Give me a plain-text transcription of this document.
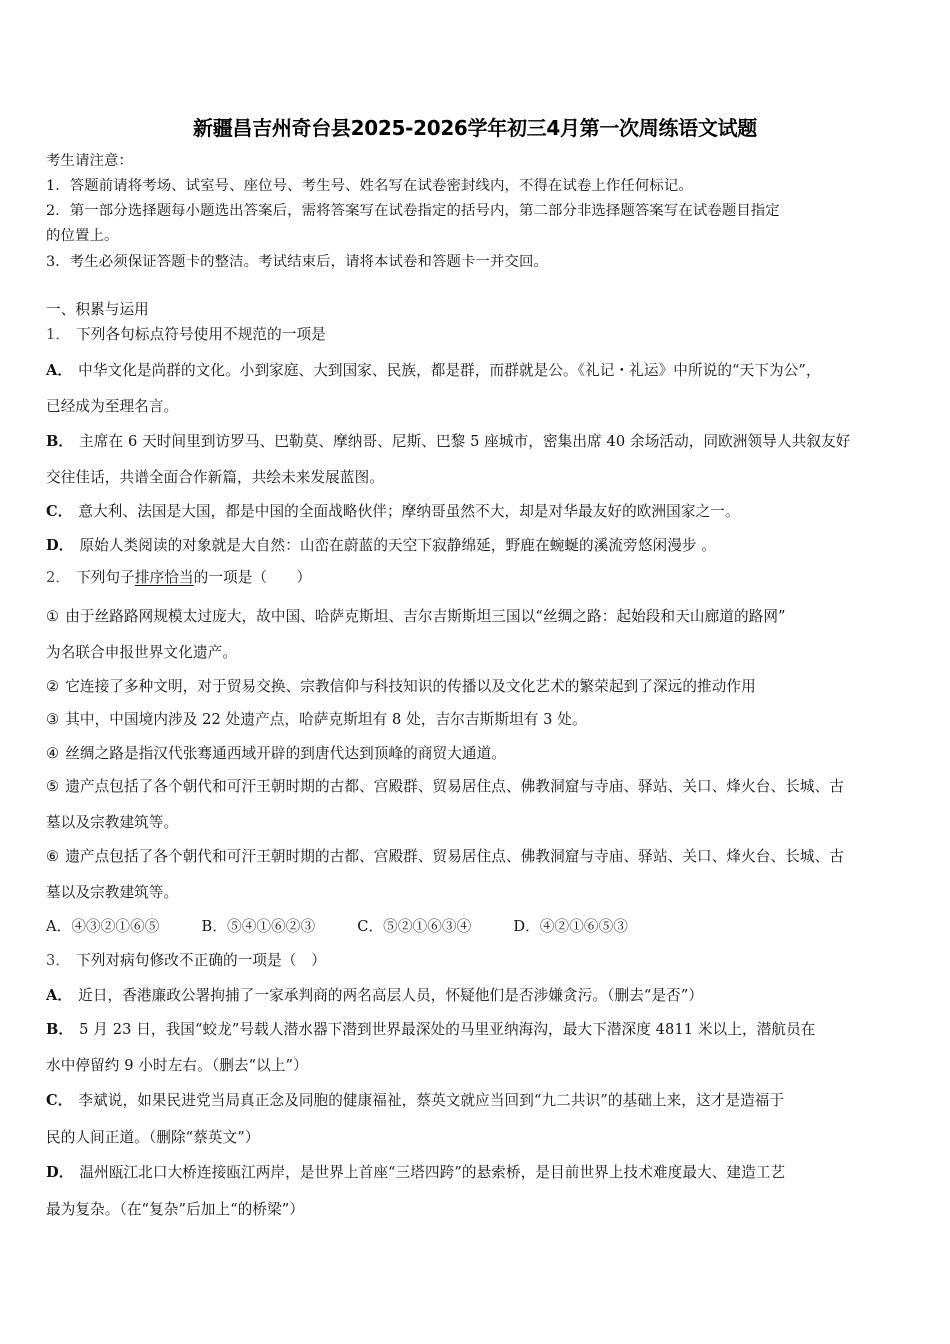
新疆昌吉州奇台县2025-2026学年初三4月第一次周练语文试题
考生请注意：
1．答题前请将考场、试室号、座位号、考生号、姓名写在试卷密封线内，不得在试卷上作任何标记。
2．第一部分选择题每小题选出答案后，需将答案写在试卷指定的括号内，第二部分非选择题答案写在试卷题目指定
的位置上。
3．考生必须保证答题卡的整洁。考试结束后，请将本试卷和答题卡一并交回。
一、积累与运用
1． 下列各句标点符号使用不规范的一项是
A． 中华文化是尚群的文化。小到家庭、大到国家、民族，都是群，而群就是公。《礼记・礼运》中所说的“天下为公”，
已经成为至理名言。
B． 主席在 6 天时间里到访罗马、巴勒莫、摩纳哥、尼斯、巴黎 5 座城市，密集出席 40 余场活动，同欧洲领导人共叙友好
交往佳话，共谱全面合作新篇，共绘未来发展蓝图。
C． 意大利、法国是大国，都是中国的全面战略伙伴；摩纳哥虽然不大，却是对华最友好的欧洲国家之一。
D． 原始人类阅读的对象就是大自然：山峦在蔚蓝的天空下寂静绵延，野鹿在蜿蜒的溪流旁悠闲漫步 。
2． 下列句子排序恰当的一项是（　　）
① 由于丝路路网规模太过庞大，故中国、哈萨克斯坦、吉尔吉斯斯坦三国以“丝绸之路：起始段和天山廊道的路网”
为名联合申报世界文化遗产。
② 它连接了多种文明，对于贸易交换、宗教信仰与科技知识的传播以及文化艺术的繁荣起到了深远的推动作用
③ 其中，中国境内涉及 22 处遗产点，哈萨克斯坦有 8 处，吉尔吉斯斯坦有 3 处。
④ 丝绸之路是指汉代张骞通西域开辟的到唐代达到顶峰的商贸大通道。
⑤ 遗产点包括了各个朝代和可汗王朝时期的古都、宫殿群、贸易居住点、佛教洞窟与寺庙、驿站、关口、烽火台、长城、古
墓以及宗教建筑等。
⑥ 遗产点包括了各个朝代和可汗王朝时期的古都、宫殿群、贸易居住点、佛教洞窟与寺庙、驿站、关口、烽火台、长城、古
墓以及宗教建筑等。
A．④③②①⑥⑤	B．⑤④①⑥②③	C．⑤②①⑥③④	D．④②①⑥⑤③
3． 下列对病句修改不正确的一项是（　）
A． 近日，香港廉政公署拘捕了一家承判商的两名高层人员，怀疑他们是否涉嫌贪污。（删去“是否”）
B． 5 月 23 日，我国“蛟龙”号载人潜水器下潜到世界最深处的马里亚纳海沟，最大下潜深度 4811 米以上，潜航员在
水中停留约 9 小时左右。（删去“以上”）
C． 李斌说，如果民进党当局真正念及同胞的健康福祉，蔡英文就应当回到“九二共识”的基础上来，这才是造福于
民的人间正道。（删除“蔡英文”）
D． 温州瓯江北口大桥连接瓯江两岸，是世界上首座“三塔四跨”的悬索桥，是目前世界上技术难度最大、建造工艺
最为复杂。（在“复杂”后加上“的桥梁”）
